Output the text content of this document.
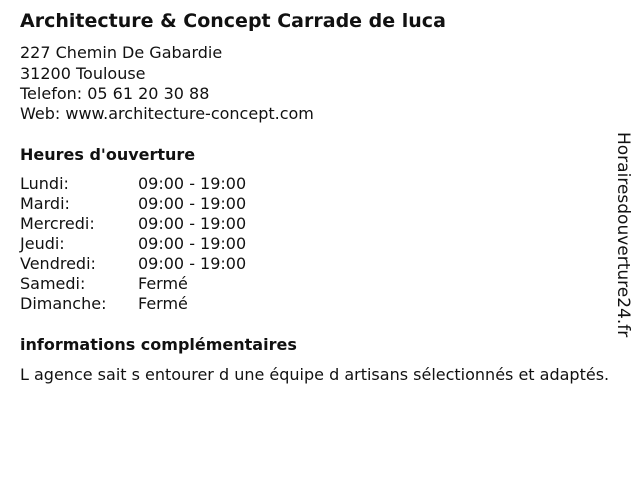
Architecture & Concept Carrade de luca
227 Chemin De Gabardie
31200 Toulouse
Telefon: 05 61 20 30 88
Web: www.architecture-concept.com
Heures d'ouverture
Lundi:	09:00 - 19:00
Mardi:	09:00 - 19:00
Mercredi:	09:00 - 19:00
Jeudi:	09:00 - 19:00
Vendredi:	09:00 - 19:00
Samedi:	Fermé
Dimanche: Fermé
informations complémentaires
L agence sait s entourer d une équipe d artisans sélectionnés et adaptés.
Horairesdouverture24.fr
